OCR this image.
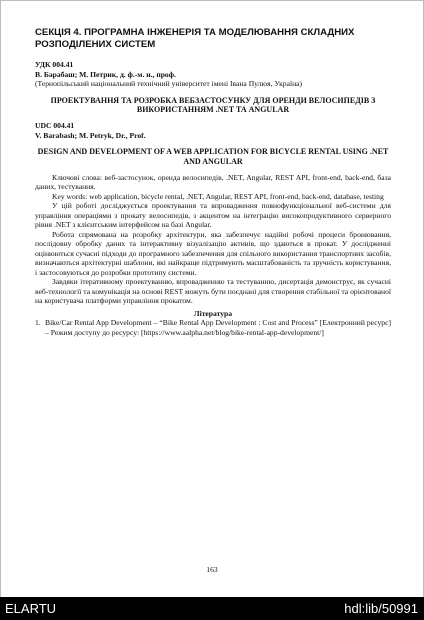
СЕКЦІЯ 4. ПРОГРАМНА ІНЖЕНЕРІЯ ТА МОДЕЛЮВАННЯ СКЛАДНИХ РОЗПОДІЛЕНИХ СИСТЕМ
УДК 004.41
В. Барабаш; М. Петрик, д. ф.-м. н., проф.
(Тернопільський національний технічний університет імені Івана Пулюя, Україна)
ПРОЕКТУВАННЯ ТА РОЗРОБКА ВЕБЗАСТОСУНКУ ДЛЯ ОРЕНДИ ВЕЛОСИПЕДІВ З ВИКОРИСТАННЯМ .NET ТА ANGULAR
UDC 004.41
V. Barabash; M. Petryk, Dr., Prof.
DESIGN AND DEVELOPMENT OF A WEB APPLICATION FOR BICYCLE RENTAL USING .NET AND ANGULAR
Ключові слова: веб-застосунок, оренда велосипедів, .NET, Angular, REST API, front-end, back-end, база даних, тестування.
Key words: web application, bicycle rental, .NET, Angular, REST API, front-end, back-end, database, testing
У цій роботі досліджується проектування та впровадження повнофункціональної веб-системи для управління операціями з прокату велосипедів, з акцентом на інтеграцію високопродуктивного серверного рівня .NET з клієнтським інтерфейсом на базі Angular.
Робота спрямована на розробку архітектури, яка забезпечує надійні робочі процеси бронювання, послідовну обробку даних та інтерактивну візуалізацію активів, що здаються в прокат. У дослідженні оцінюються сучасні підходи до програмного забезпечення для спільного використання транспортних засобів, визначаються архітектурні шаблони, які найкраще підтримують масштабованість та зручність користування, і застосовуються до розробки прототипу системи.
Завдяки ітеративному проектуванню, впровадженню та тестуванню, дисертація демонструє, як сучасні веб-технології та комунікація на основі REST можуть бути поєднані для створення стабільної та орієнтованої на користувача платформи управління прокатом.
Література
1. Bike/Car Rental App Development – “Bike Rental App Development : Cost and Process” [Електронний ресурс] – Режим доступу до ресурсу: [https://www.aalpha.net/blog/bike-rental-app-development/]
163
ELARTU	hdl:lib/50991
